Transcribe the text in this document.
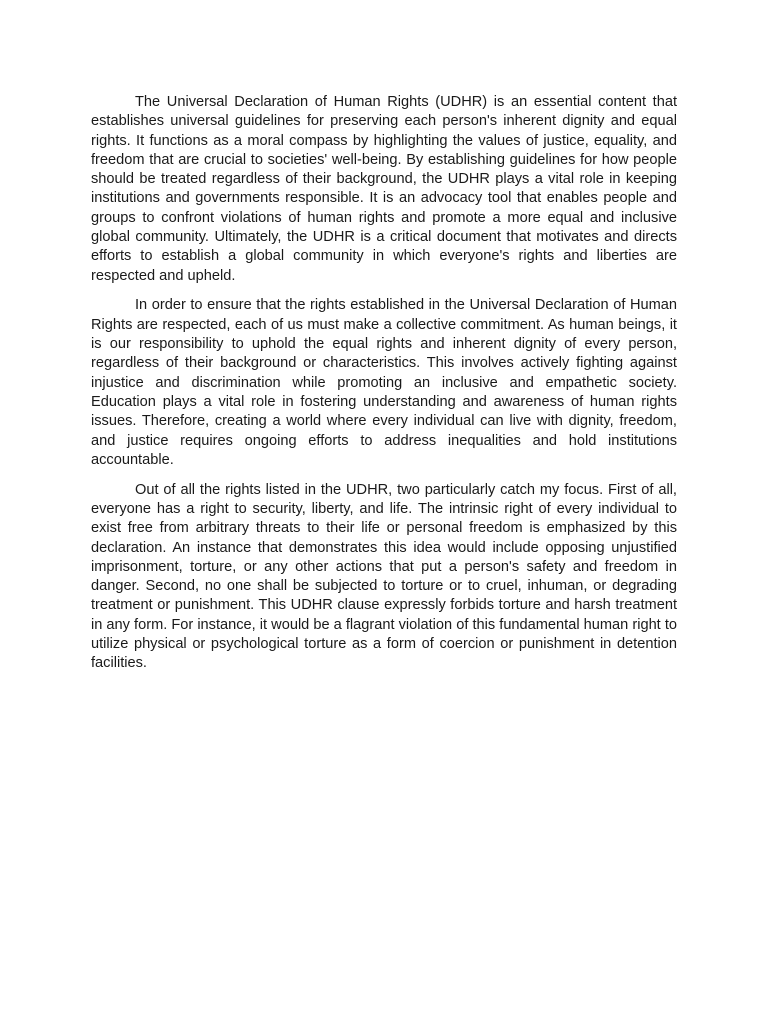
The Universal Declaration of Human Rights (UDHR) is an essential content that establishes universal guidelines for preserving each person's inherent dignity and equal rights. It functions as a moral compass by highlighting the values of justice, equality, and freedom that are crucial to societies' well-being. By establishing guidelines for how people should be treated regardless of their background, the UDHR plays a vital role in keeping institutions and governments responsible. It is an advocacy tool that enables people and groups to confront violations of human rights and promote a more equal and inclusive global community. Ultimately, the UDHR is a critical document that motivates and directs efforts to establish a global community in which everyone's rights and liberties are respected and upheld.

In order to ensure that the rights established in the Universal Declaration of Human Rights are respected, each of us must make a collective commitment. As human beings, it is our responsibility to uphold the equal rights and inherent dignity of every person, regardless of their background or characteristics. This involves actively fighting against injustice and discrimination while promoting an inclusive and empathetic society. Education plays a vital role in fostering understanding and awareness of human rights issues. Therefore, creating a world where every individual can live with dignity, freedom, and justice requires ongoing efforts to address inequalities and hold institutions accountable.

Out of all the rights listed in the UDHR, two particularly catch my focus. First of all, everyone has a right to security, liberty, and life. The intrinsic right of every individual to exist free from arbitrary threats to their life or personal freedom is emphasized by this declaration. An instance that demonstrates this idea would include opposing unjustified imprisonment, torture, or any other actions that put a person's safety and freedom in danger. Second, no one shall be subjected to torture or to cruel, inhuman, or degrading treatment or punishment. This UDHR clause expressly forbids torture and harsh treatment in any form. For instance, it would be a flagrant violation of this fundamental human right to utilize physical or psychological torture as a form of coercion or punishment in detention facilities.
